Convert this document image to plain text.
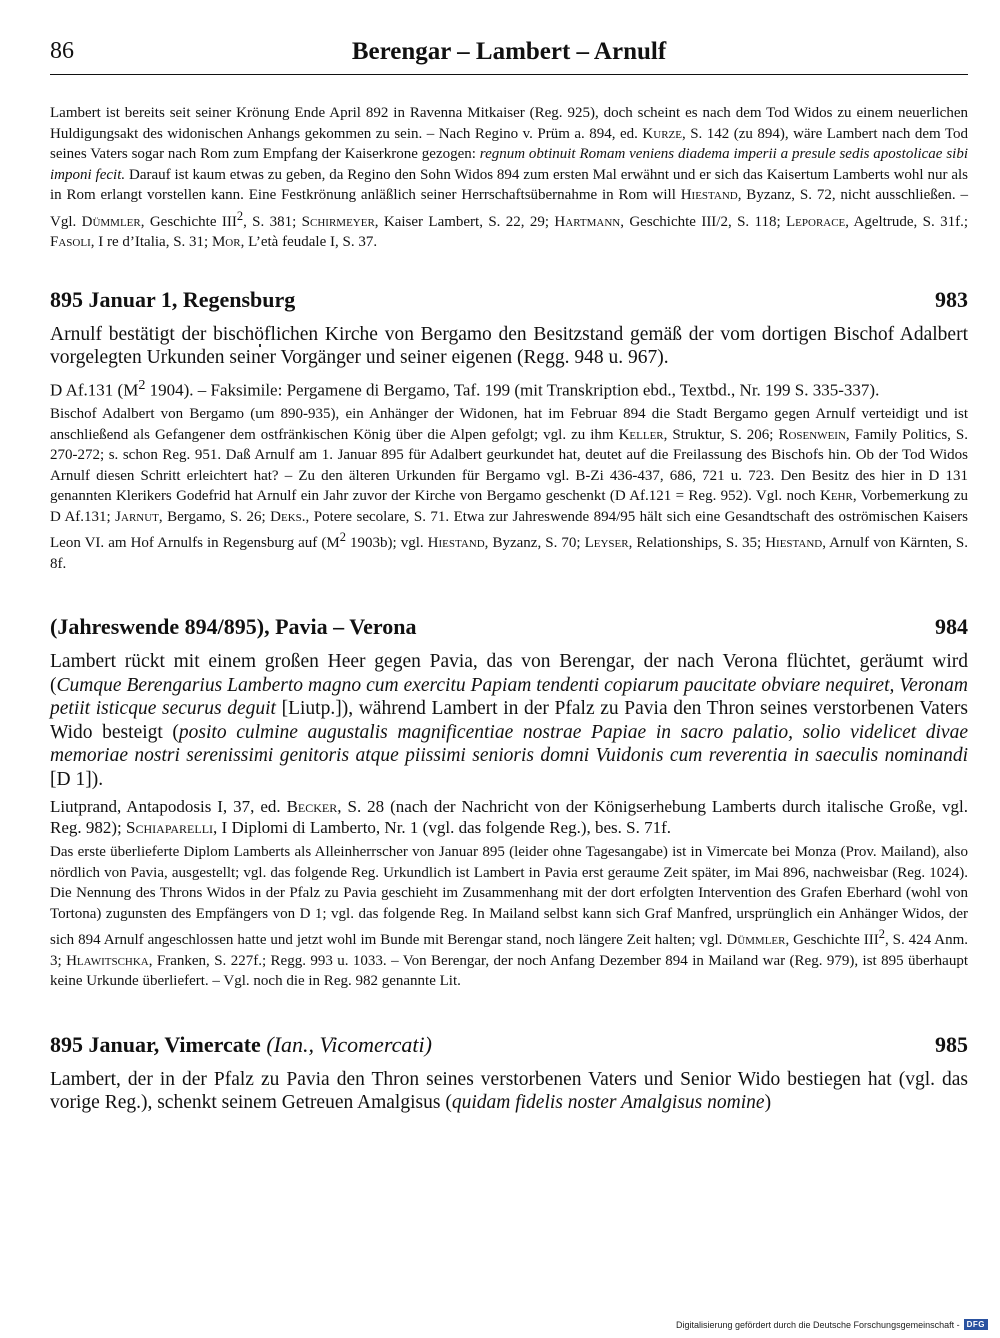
86	Berengar – Lambert – Arnulf

Lambert ist bereits seit seiner Krönung Ende April 892 in Ravenna Mitkaiser (Reg. 925), doch scheint es nach dem Tod Widos zu einem neuerlichen Huldigungsakt des widonischen Anhangs gekommen zu sein. – Nach Regino v. Prüm a. 894, ed. Kurze, S. 142 (zu 894), wäre Lambert nach dem Tod seines Vaters sogar nach Rom zum Empfang der Kaiserkrone gezogen: regnum obtinuit Romam veniens diadema imperii a presule sedis apostolicae sibi imponi fecit. Darauf ist kaum etwas zu geben, da Regino den Sohn Widos 894 zum ersten Mal erwähnt und er sich das Kaisertum Lamberts wohl nur als in Rom erlangt vorstellen kann. Eine Festkrönung anläßlich seiner Herrschaftsübernahme in Rom will Hiestand, Byzanz, S. 72, nicht ausschließen. – Vgl. Dümmler, Geschichte III$^2$, S. 381; Schirmeyer, Kaiser Lambert, S. 22, 29; Hartmann, Geschichte III/2, S. 118; Leporace, Ageltrude, S. 31f.; Fasoli, I re d’Italia, S. 31; Mor, L’età feudale I, S. 37.

895 Januar 1, Regensburg	983

Arnulf bestätigt der bischöflichen Kirche von Bergamo den Besitzstand gemäß der vom dortigen Bischof Adalbert vorgelegten Urkunden seiner Vorgänger und seiner eigenen (Regg. 948 u. 967).

D Af.131 ($M^2$ 1904). – Faksimile: Pergamene di Bergamo, Taf. 199 (mit Transkription ebd., Textbd., Nr. 199 S. 335-337).

Bischof Adalbert von Bergamo (um 890-935), ein Anhänger der Widonen, hat im Februar 894 die Stadt Bergamo gegen Arnulf verteidigt und ist anschließend als Gefangener dem ostfränkischen König über die Alpen gefolgt; vgl. zu ihm Keller, Struktur, S. 206; Rosenwein, Family Politics, S. 270-272; s. schon Reg. 951. Daß Arnulf am 1. Januar 895 für Adalbert geurkundet hat, deutet auf die Freilassung des Bischofs hin. Ob der Tod Widos Arnulf diesen Schritt erleichtert hat? – Zu den älteren Urkunden für Bergamo vgl. B-Zi 436-437, 686, 721 u. 723. Den Besitz des hier in D 131 genannten Klerikers Godefrid hat Arnulf ein Jahr zuvor der Kirche von Bergamo geschenkt (D Af.121 = Reg. 952). Vgl. noch Kehr, Vorbemerkung zu D Af.131; Jarnut, Bergamo, S. 26; Deks., Potere secolare, S. 71. Etwa zur Jahreswende 894/95 hält sich eine Gesandtschaft des oströmischen Kaisers Leon VI. am Hof Arnulfs in Regensburg auf ($M^2$ 1903b); vgl. Hiestand, Byzanz, S. 70; Leyser, Relationships, S. 35; Hiestand, Arnulf von Kärnten, S. 8f.

(Jahreswende 894/895), Pavia – Verona	984

Lambert rückt mit einem großen Heer gegen Pavia, das von Berengar, der nach Verona flüchtet, geräumt wird (Cumque Berengarius Lamberto magno cum exercitu Papiam tendenti copiarum paucitate obviare nequiret, Veronam petiit isticque securus deguit [Liutp.]), während Lambert in der Pfalz zu Pavia den Thron seines verstorbenen Vaters Wido besteigt (posito culmine augustalis magnificentiae nostrae Papiae in sacro palatio, solio videlicet divae memoriae nostri serenissimi genitoris atque piissimi senioris domni Vuidonis cum reverentia in saeculis nominandi [D 1]).

Liutprand, Antapodosis I, 37, ed. Becker, S. 28 (nach der Nachricht von der Königserhebung Lamberts durch italische Große, vgl. Reg. 982); Schiaparelli, I Diplomi di Lamberto, Nr. 1 (vgl. das folgende Reg.), bes. S. 71f.

Das erste überlieferte Diplom Lamberts als Alleinherrscher von Januar 895 (leider ohne Tagesangabe) ist in Vimercate bei Monza (Prov. Mailand), also nördlich von Pavia, ausgestellt; vgl. das folgende Reg. Urkundlich ist Lambert in Pavia erst geraume Zeit später, im Mai 896, nachweisbar (Reg. 1024). Die Nennung des Throns Widos in der Pfalz zu Pavia geschieht im Zusammenhang mit der dort erfolgten Intervention des Grafen Eberhard (wohl von Tortona) zugunsten des Empfängers von D 1; vgl. das folgende Reg. In Mailand selbst kann sich Graf Manfred, ursprünglich ein Anhänger Widos, der sich 894 Arnulf angeschlossen hatte und jetzt wohl im Bunde mit Berengar stand, noch längere Zeit halten; vgl. Dümmler, Geschichte III$^2$, S. 424 Anm. 3; Hlawitschka, Franken, S. 227f.; Regg. 993 u. 1033. – Von Berengar, der noch Anfang Dezember 894 in Mailand war (Reg. 979), ist 895 überhaupt keine Urkunde überliefert. – Vgl. noch die in Reg. 982 genannte Lit.

895 Januar, Vimercate (Ian., Vicomercati)	985

Lambert, der in der Pfalz zu Pavia den Thron seines verstorbenen Vaters und Senior Wido bestiegen hat (vgl. das vorige Reg.), schenkt seinem Getreuen Amalgisus (quidam fidelis noster Amalgisus nomine)

Digitalisierung gefördert durch die Deutsche Forschungsgemeinschaft - DFG
